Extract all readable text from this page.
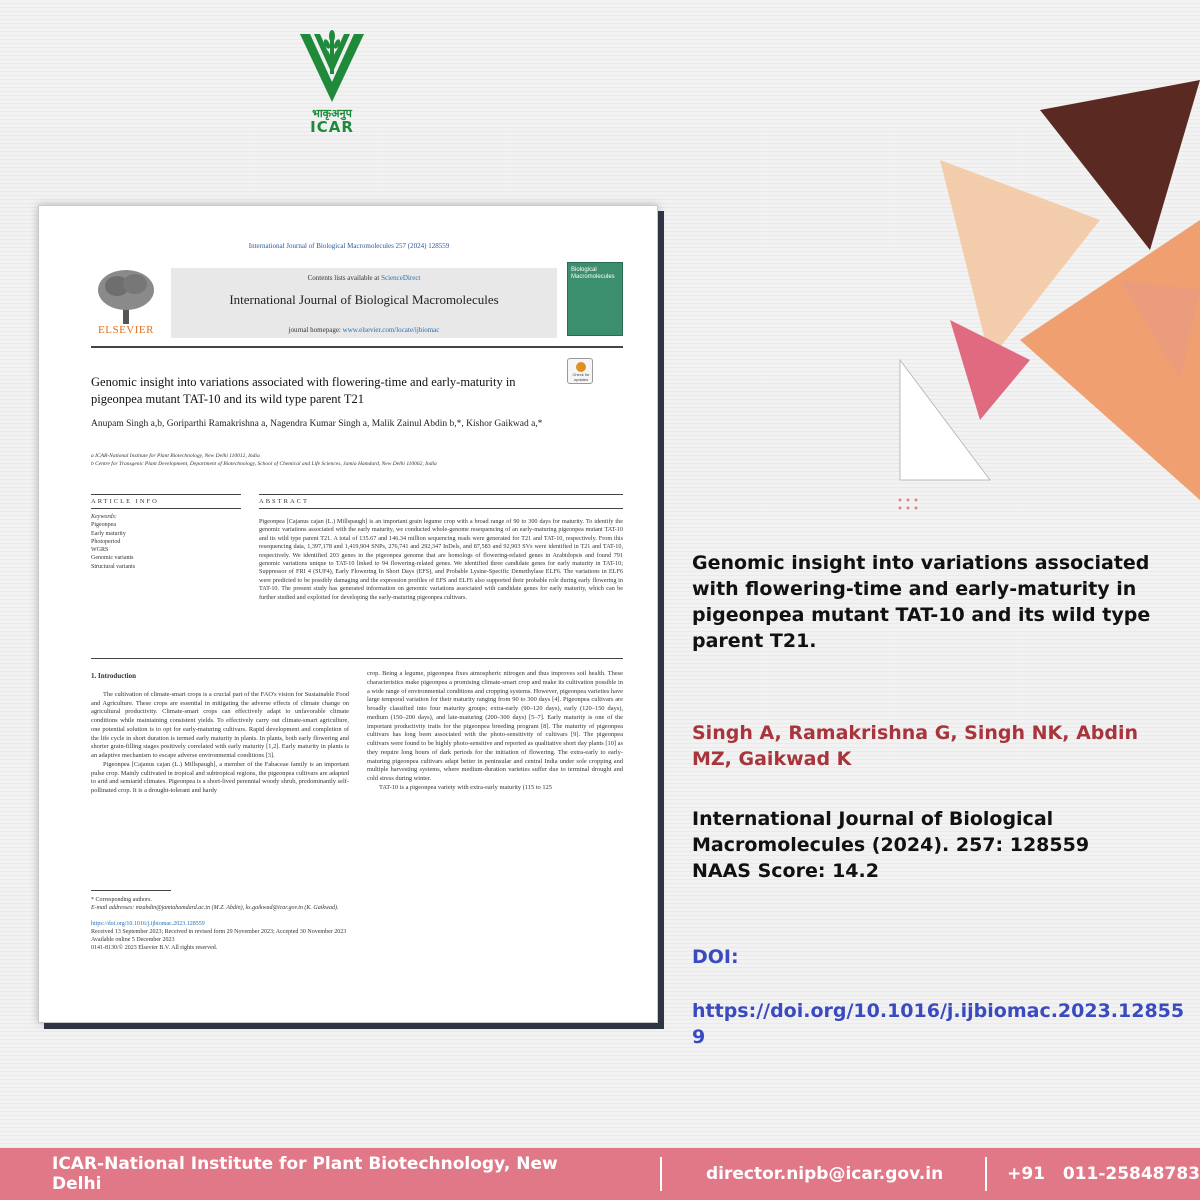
भाकृअनुप
ICAR
International Journal of Biological Macromolecules 257 (2024) 128559
ELSEVIER
Contents lists available at ScienceDirect
International Journal of Biological Macromolecules
journal homepage: www.elsevier.com/locate/ijbiomac
Biological Macromolecules
Check for updates
Genomic insight into variations associated with flowering-time and early-maturity in pigeonpea mutant TAT-10 and its wild type parent T21
Anupam Singh a,b, Goriparthi Ramakrishna a, Nagendra Kumar Singh a, Malik Zainul Abdin b,*, Kishor Gaikwad a,*
a ICAR-National Institute for Plant Biotechnology, New Delhi 110012, India
b Centre for Transgenic Plant Development, Department of Biotechnology, School of Chemical and Life Sciences, Jamia Hamdard, New Delhi 110062, India
ARTICLE INFO	ABSTRACT
Keywords:
Pigeonpea
Early maturity
Photoperiod
WGRS
Genomic variants
Structural variants
Pigeonpea [Cajanus cajan (L.) Millspaugh] is an important grain legume crop with a broad range of 90 to 300 days for maturity. To identify the genomic variations associated with the early maturity, we conducted whole-genome resequencing of an early-maturing pigeonpea mutant TAT-10 and its wild type parent T21. A total of 135.67 and 146.34 million sequencing reads were generated for T21 and TAT-10, respectively. From this resequencing data, 1,397,178 and 1,419,904 SNPs, 276,741 and 292,347 InDels, and 87,583 and 92,903 SVs were identified in T21 and TAT-10, respectively. We identified 203 genes in the pigeonpea genome that are homologs of flowering-related genes in Arabidopsis and found 791 genomic variations unique to TAT-10 linked to 94 flowering-related genes. We identified three candidate genes for early maturity in TAT-10; Suppressor of FRI 4 (SUF4), Early Flowering In Short Days (EFS), and Probable Lysine-Specific Demethylase ELF6. The variations in ELF6 were predicted to be possibly damaging and the expression profiles of EFS and ELF6 also supported their probable role during early flowering in TAT-10. The present study has generated information on genomic variations associated with candidate genes for early maturity, which can be further studied and exploited for developing the early-maturing pigeonpea cultivars.
1. Introduction

The cultivation of climate-smart crops is a crucial part of the FAO's vision for Sustainable Food and Agriculture. These crops are essential in mitigating the adverse effects of climate change on agricultural productivity. Climate-smart crops can effectively adapt to unfavorable climate conditions while maintaining consistent yields. To effectively carry out climate-smart agriculture, one potential solution is to opt for early-maturing cultivars. Rapid development and completion of the life cycle in short duration is termed early maturity in plants. In plants, both early flowering and shorter grain-filling stages positively correlated with early maturity [1,2]. Early maturity in plants is an adaptive mechanism to escape adverse environmental conditions [3].

Pigeonpea [Cajanus cajan (L.) Millspaugh], a member of the Fabaceae family is an important pulse crop. Mainly cultivated in tropical and subtropical regions, the pigeonpea cultivars are adapted to arid and semiarid climates. Pigeonpea is a short-lived perennial woody shrub, predominantly self-pollinated crop. It is a drought-tolerant and hardy

crop. Being a legume, pigeonpea fixes atmospheric nitrogen and thus improves soil health. These characteristics make pigeonpea a promising climate-smart crop and make its cultivation possible in a wide range of environmental conditions and cropping systems. However, pigeonpea varieties have large temporal variation for their maturity ranging from 90 to 300 days [4]. Pigeonpea cultivars are broadly classified into four maturity groups; extra-early (90–120 days), early (120–150 days), medium (150–200 days), and late-maturing (200–300 days) [5–7]. Early maturity is one of the important productivity traits for the pigeonpea breeding program [8]. The maturity of pigeonpea cultivars has long been associated with the photo-sensitivity of cultivars [9]. The pigeonpea cultivars were found to be highly photo-sensitive and reported as qualitative short day plants [10] as they require long hours of dark periods for the initiation of flowering. The extra-early to early-maturing pigeonpea cultivars adapt better in peninsular and central India under sole cropping and multiple harvesting systems, where medium-duration varieties suffer due to terminal drought and cold stress during winter.

TAT-10 is a pigeonpea variety with extra-early maturity (115 to 125

* Corresponding authors.
E-mail addresses: mzabdin@jamiahamdard.ac.in (M.Z. Abdin), ks.gaikwad@icar.gov.in (K. Gaikwad).
https://doi.org/10.1016/j.ijbiomac.2023.128559
Received 13 September 2023; Received in revised form 29 November 2023; Accepted 30 November 2023
Available online 5 December 2023
0141-8130/© 2023 Elsevier B.V. All rights reserved.
Genomic insight into variations associated with flowering-time and early-maturity in pigeonpea mutant TAT-10 and its wild type parent T21.
Singh A, Ramakrishna G, Singh NK, Abdin MZ, Gaikwad K
International Journal of Biological Macromolecules (2024). 257: 128559
NAAS Score: 14.2
DOI:
https://doi.org/10.1016/j.ijbiomac.2023.128559
ICAR-National Institute for Plant Biotechnology, New Delhi	director.nipb@icar.gov.in	+91   011-25848783
